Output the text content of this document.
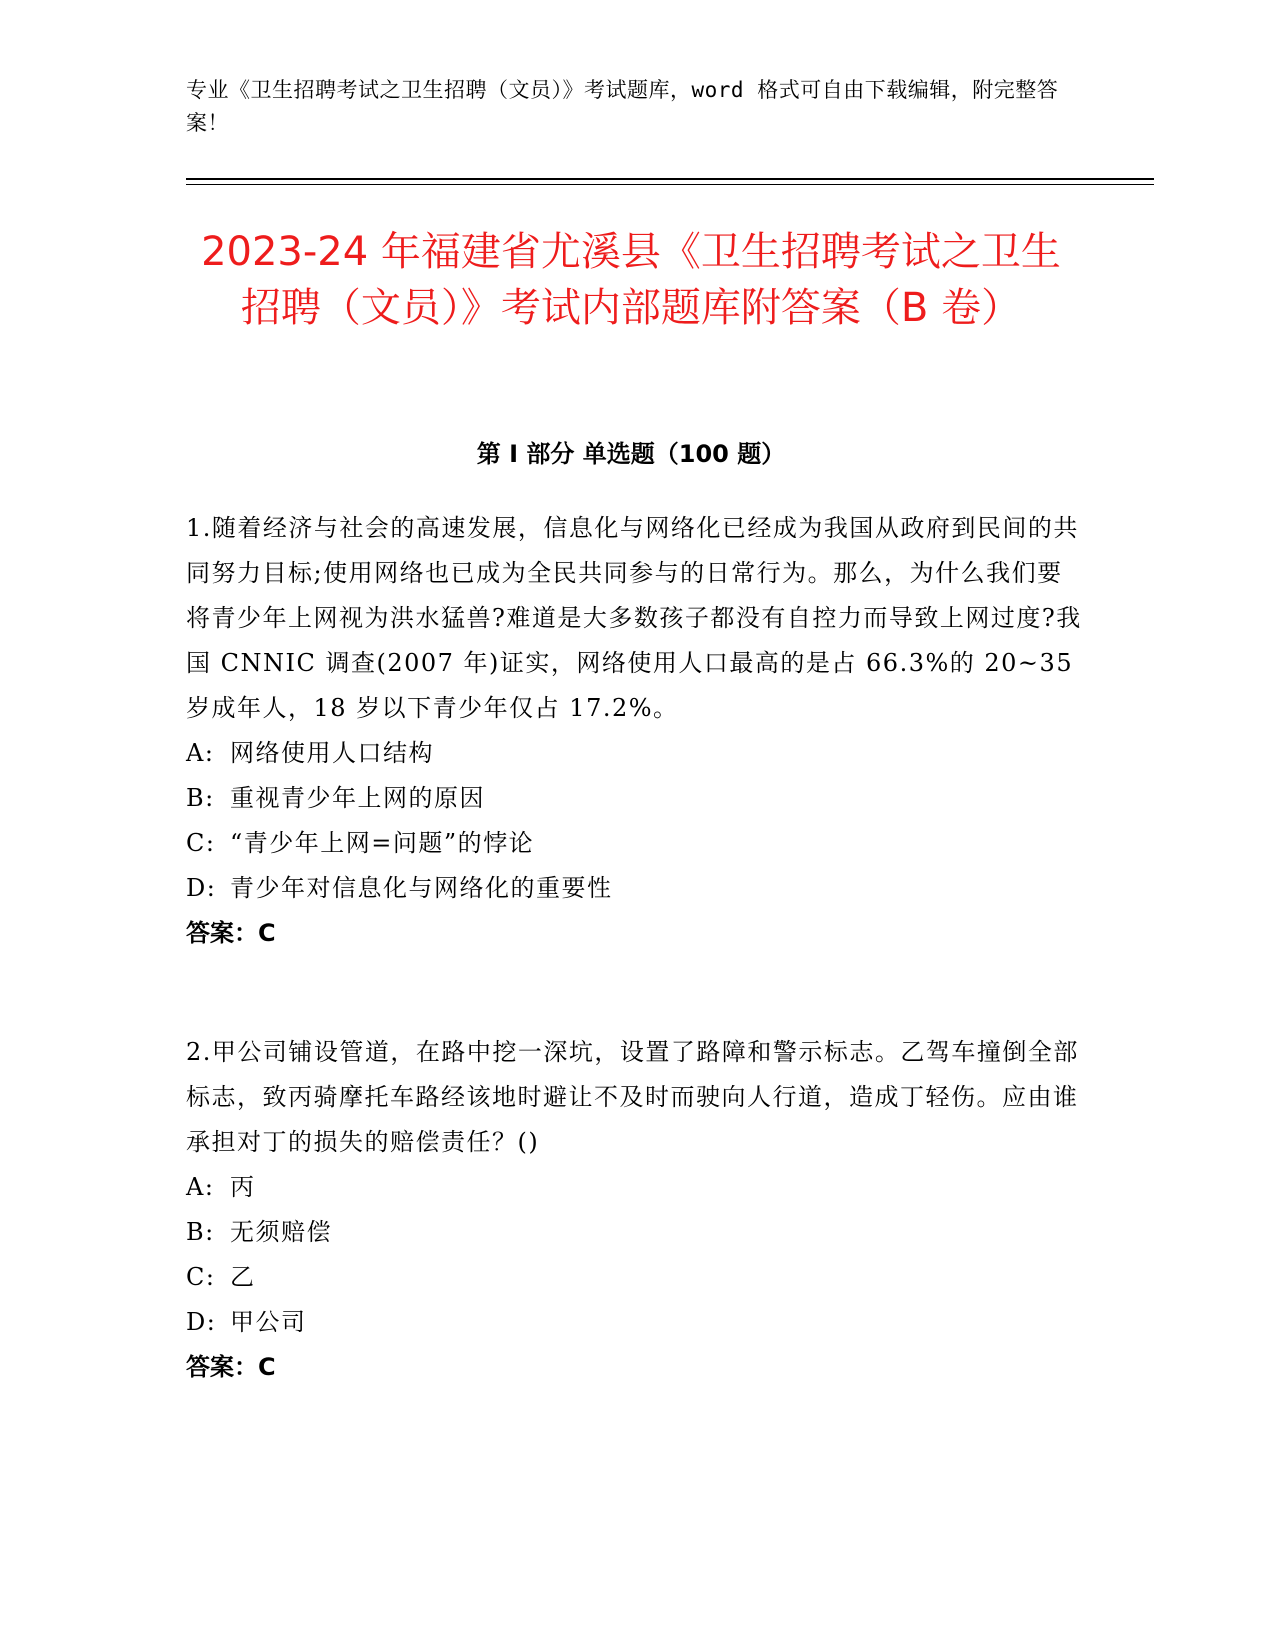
专业《卫生招聘考试之卫生招聘（文员）》考试题库，word 格式可自由下载编辑，附完整答案！
2023-24 年福建省尤溪县《卫生招聘考试之卫生招聘（文员）》考试内部题库附答案（B 卷）
第 I 部分 单选题（100 题）

1.随着经济与社会的高速发展，信息化与网络化已经成为我国从政府到民间的共同努力目标;使用网络也已成为全民共同参与的日常行为。那么，为什么我们要将青少年上网视为洪水猛兽?难道是大多数孩子都没有自控力而导致上网过度?我国 CNNIC 调查(2007 年)证实，网络使用人口最高的是占 66.3%的 20~35 岁成年人，18 岁以下青少年仅占 17.2%。

A: 网络使用人口结构

B: 重视青少年上网的原因

C: “青少年上网=问题”的悖论

D: 青少年对信息化与网络化的重要性

答案：C

2.甲公司铺设管道，在路中挖一深坑，设置了路障和警示标志。乙驾车撞倒全部标志，致丙骑摩托车路经该地时避让不及时而驶向人行道，造成丁轻伤。应由谁承担对丁的损失的赔偿责任？()

A: 丙

B: 无须赔偿

C: 乙

D: 甲公司

答案：C
